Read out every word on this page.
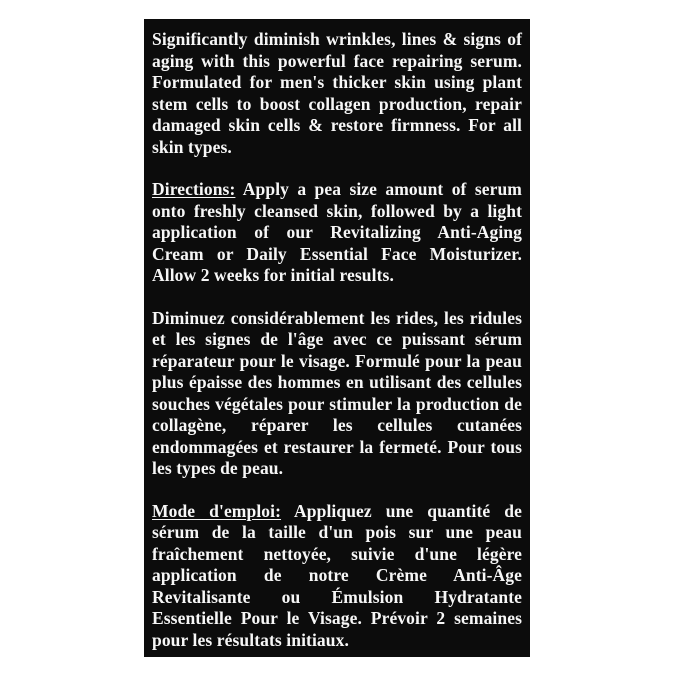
Significantly diminish wrinkles, lines & signs of aging with this powerful face repairing serum. Formulated for men's thicker skin using plant stem cells to boost collagen production, repair damaged skin cells & restore firmness. For all skin types.

Directions: Apply a pea size amount of serum onto freshly cleansed skin, followed by a light application of our Revitalizing Anti-Aging Cream or Daily Essential Face Moisturizer. Allow 2 weeks for initial results.

Diminuez considérablement les rides, les ridules et les signes de l'âge avec ce puissant sérum réparateur pour le visage. Formulé pour la peau plus épaisse des hommes en utilisant des cellules souches végétales pour stimuler la production de collagène, réparer les cellules cutanées endommagées et restaurer la fermeté. Pour tous les types de peau.

Mode d'emploi: Appliquez une quantité de sérum de la taille d'un pois sur une peau fraîchement nettoyée, suivie d'une légère application de notre Crème Anti-Âge Revitalisante ou Émulsion Hydratante Essentielle Pour le Visage. Prévoir 2 semaines pour les résultats initiaux.
